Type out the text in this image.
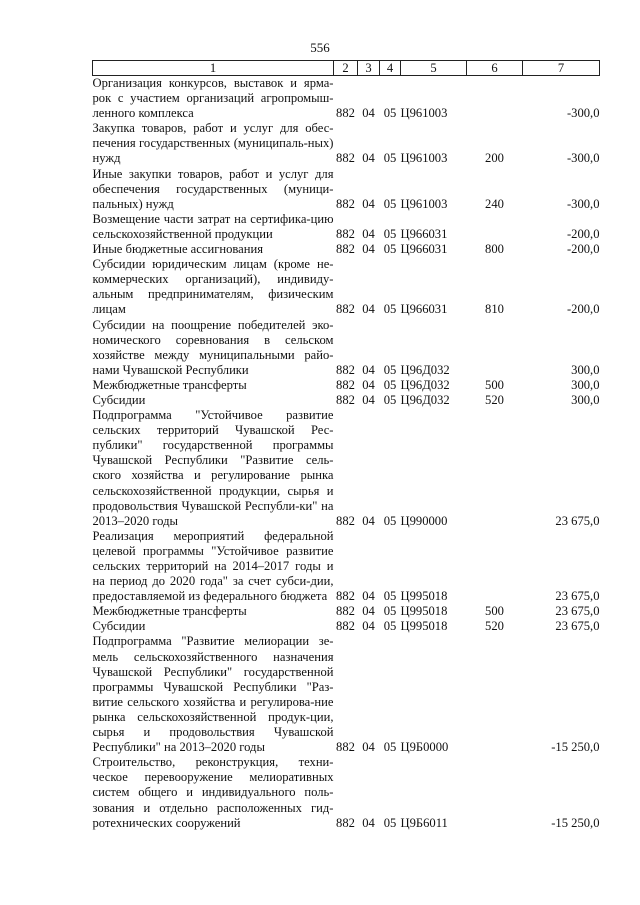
556
1	2	3	4	5	6	7
Организация конкурсов, выставок и ярма-рок с участием организаций агропромыш-ленного комплекса	882	04	05	Ц961003		-300,0
Закупка товаров, работ и услуг для обес-печения государственных (муниципаль-ных) нужд	882	04	05	Ц961003	200	-300,0
Иные закупки товаров, работ и услуг для обеспечения государственных (муници-пальных) нужд	882	04	05	Ц961003	240	-300,0
Возмещение части затрат на сертифика-цию сельскохозяйственной продукции	882	04	05	Ц966031		-200,0
Иные бюджетные ассигнования	882	04	05	Ц966031	800	-200,0
Субсидии юридическим лицам (кроме не-коммерческих организаций), индивиду-альным предпринимателям, физическим лицам	882	04	05	Ц966031	810	-200,0
Субсидии на поощрение победителей эко-номического соревнования в сельском хозяйстве между муниципальными райо-нами Чувашской Республики	882	04	05	Ц96Д032		300,0
Межбюджетные трансферты	882	04	05	Ц96Д032	500	300,0
Субсидии	882	04	05	Ц96Д032	520	300,0
Подпрограмма "Устойчивое развитие сельских территорий Чувашской Рес-публики" государственной программы Чувашской Республики "Развитие сель-ского хозяйства и регулирование рынка сельскохозяйственной продукции, сырья и продовольствия Чувашской Республи-ки" на 2013–2020 годы	882	04	05	Ц990000		23 675,0
Реализация мероприятий федеральной целевой программы "Устойчивое развитие сельских территорий на 2014–2017 годы и на период до 2020 года" за счет субси-дии, предоставляемой из федерального бюджета	882	04	05	Ц995018		23 675,0
Межбюджетные трансферты	882	04	05	Ц995018	500	23 675,0
Субсидии	882	04	05	Ц995018	520	23 675,0
Подпрограмма "Развитие мелиорации зе-мель сельскохозяйственного назначения Чувашской Республики" государственной программы Чувашской Республики "Раз-витие сельского хозяйства и регулирова-ние рынка сельскохозяйственной продук-ции, сырья и продовольствия Чувашской Республики" на 2013–2020 годы	882	04	05	Ц9Б0000		-15 250,0
Строительство, реконструкция, техни-ческое перевооружение мелиоративных систем общего и индивидуального поль-зования и отдельно расположенных гид-ротехнических сооружений	882	04	05	Ц9Б6011		-15 250,0
